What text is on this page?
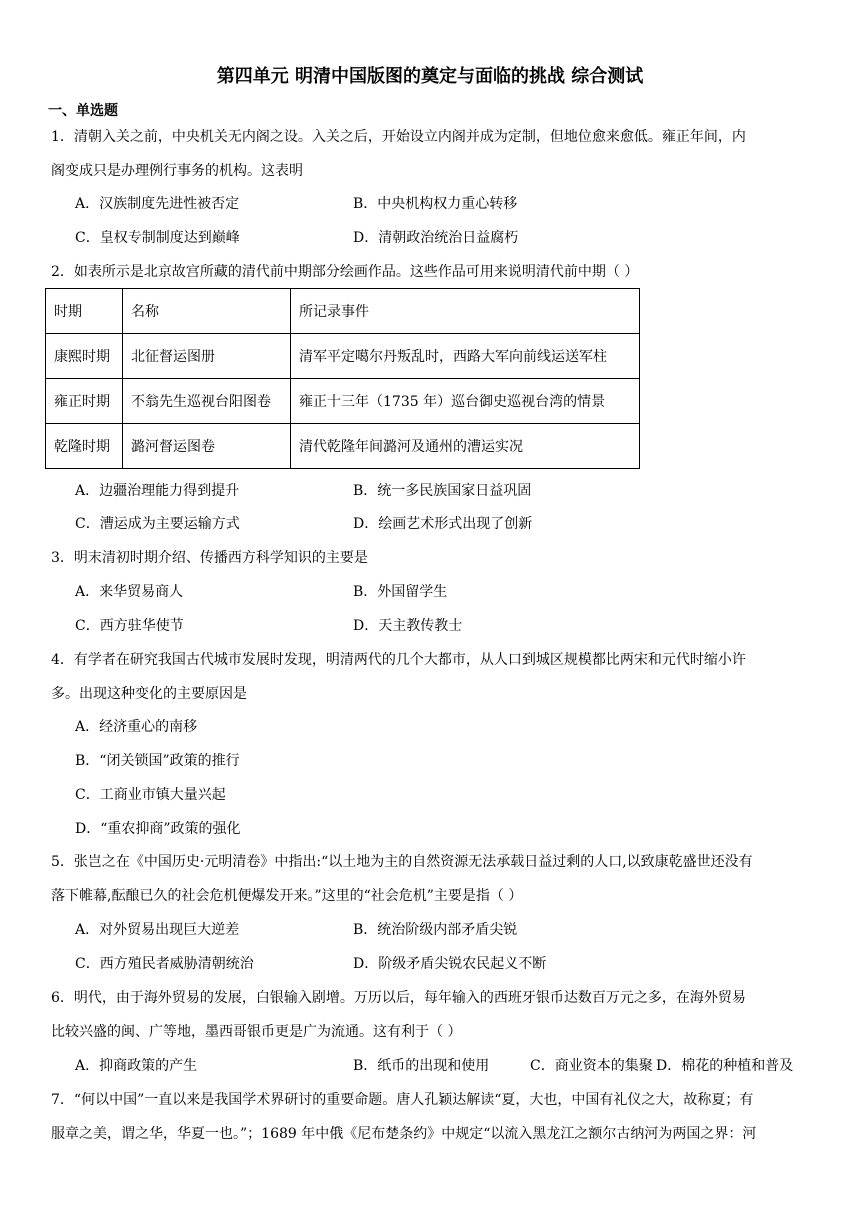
第四单元 明清中国版图的奠定与面临的挑战 综合测试
一、单选题
1．清朝入关之前，中央机关无内阁之设。入关之后，开始设立内阁并成为定制，但地位愈来愈低。雍正年间，内
阁变成只是办理例行事务的机构。这表明
A．汉族制度先进性被否定	B．中央机构权力重心转移
C．皇权专制制度达到巅峰	D．清朝政治统治日益腐朽
2．如表所示是北京故宫所藏的清代前中期部分绘画作品。这些作品可用来说明清代前中期（ ）
时期	名称	所记录事件
康熙时期	北征督运图册	清军平定噶尔丹叛乱时，西路大军向前线运送军柱
雍正时期	不翁先生巡视台阳图卷	雍正十三年（1735 年）巡台御史巡视台湾的情景
乾隆时期	潞河督运图卷	清代乾隆年间潞河及通州的漕运实况
A．边疆治理能力得到提升	B．统一多民族国家日益巩固
C．漕运成为主要运输方式	D．绘画艺术形式出现了创新
3．明末清初时期介绍、传播西方科学知识的主要是
A．来华贸易商人	B．外国留学生
C．西方驻华使节	D．天主教传教士
4．有学者在研究我国古代城市发展时发现，明清两代的几个大都市，从人口到城区规模都比两宋和元代时缩小许
多。出现这种变化的主要原因是
A．经济重心的南移
B．“闭关锁国”政策的推行
C．工商业市镇大量兴起
D．“重农抑商”政策的强化
5．张岂之在《中国历史·元明清卷》中指出:“以土地为主的自然资源无法承载日益过剩的人口,以致康乾盛世还没有
落下帷幕,酝酿已久的社会危机便爆发开来。”这里的“社会危机”主要是指（ ）
A．对外贸易出现巨大逆差	B．统治阶级内部矛盾尖锐
C．西方殖民者威胁清朝统治	D．阶级矛盾尖锐农民起义不断
6．明代，由于海外贸易的发展，白银输入剧增。万历以后，每年输入的西班牙银币达数百万元之多，在海外贸易
比较兴盛的闽、广等地，墨西哥银币更是广为流通。这有利于（ ）
A．抑商政策的产生	B．纸币的出现和使用	C．商业资本的集聚 D．棉花的种植和普及
7．“何以中国”一直以来是我国学术界研讨的重要命题。唐人孔颖达解读“夏，大也，中国有礼仪之大，故称夏；有
服章之美，谓之华，华夏一也。”；1689 年中俄《尼布楚条约》中规定“以流入黑龙江之额尔古纳河为两国之界：河
